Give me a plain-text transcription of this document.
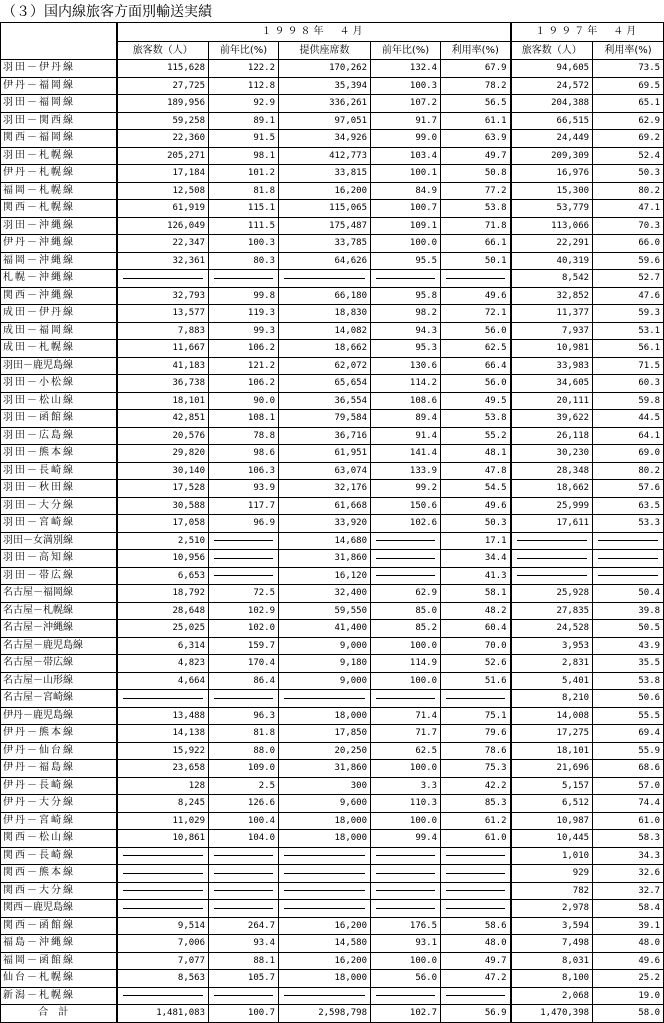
（３）国内線旅客方面別輸送実績
	１９９８年　４月					１９９７年　４月	
	旅客数（人）	前年比(%)	提供座席数	前年比(%)	利用率(%)	旅客数（人）	利用率(%)
羽田－伊丹線	115,628	122.2	170,262	132.4	67.9	94,605	73.5
伊丹－福岡線	27,725	112.8	35,394	100.3	78.2	24,572	69.5
羽田－福岡線	189,956	92.9	336,261	107.2	56.5	204,388	65.1
羽田－関西線	59,258	89.1	97,051	91.7	61.1	66,515	62.9
関西－福岡線	22,360	91.5	34,926	99.0	63.9	24,449	69.2
羽田－札幌線	205,271	98.1	412,773	103.4	49.7	209,309	52.4
伊丹－札幌線	17,184	101.2	33,815	100.1	50.8	16,976	50.3
福岡－札幌線	12,508	81.8	16,200	84.9	77.2	15,300	80.2
関西－札幌線	61,919	115.1	115,065	100.7	53.8	53,779	47.1
羽田－沖縄線	126,049	111.5	175,487	109.1	71.8	113,066	70.3
伊丹－沖縄線	22,347	100.3	33,785	100.0	66.1	22,291	66.0
福岡－沖縄線	32,361	80.3	64,626	95.5	50.1	40,319	59.6
札幌－沖縄線						8,542	52.7
関西－沖縄線	32,793	99.8	66,180	95.8	49.6	32,852	47.6
成田－伊丹線	13,577	119.3	18,830	98.2	72.1	11,377	59.3
成田－福岡線	7,883	99.3	14,082	94.3	56.0	7,937	53.1
成田－札幌線	11,667	106.2	18,662	95.3	62.5	10,981	56.1
羽田－鹿児島線	41,183	121.2	62,072	130.6	66.4	33,983	71.5
羽田－小松線	36,738	106.2	65,654	114.2	56.0	34,605	60.3
羽田－松山線	18,101	90.0	36,554	108.6	49.5	20,111	59.8
羽田－函館線	42,851	108.1	79,584	89.4	53.8	39,622	44.5
羽田－広島線	20,576	78.8	36,716	91.4	55.2	26,118	64.1
羽田－熊本線	29,820	98.6	61,951	141.4	48.1	30,230	69.0
羽田－長崎線	30,140	106.3	63,074	133.9	47.8	28,348	80.2
羽田－秋田線	17,528	93.9	32,176	99.2	54.5	18,662	57.6
羽田－大分線	30,588	117.7	61,668	150.6	49.6	25,999	63.5
羽田－宮崎線	17,058	96.9	33,920	102.6	50.3	17,611	53.3
羽田－女満別線	2,510		14,680		17.1	

羽田－高知線	10,956		31,860		34.4	

羽田－帯広線	6,653		16,120		41.3	

名古屋－福岡線	18,792	72.5	32,400	62.9	58.1	25,928	50.4
名古屋－札幌線	28,648	102.9	59,550	85.0	48.2	27,835	39.8
名古屋－沖縄線	25,025	102.0	41,400	85.2	60.4	24,528	50.5
名古屋－鹿児島線	6,314	159.7	9,000	100.0	70.0	3,953	43.9
名古屋－帯広線	4,823	170.4	9,180	114.9	52.6	2,831	35.5
名古屋－山形線	4,664	86.4	9,000	100.0	51.6	5,401	53.8
名古屋－宮崎線						8,210	50.6
伊丹－鹿児島線	13,488	96.3	18,000	71.4	75.1	14,008	55.5
伊丹－熊本線	14,138	81.8	17,850	71.7	79.6	17,275	69.4
伊丹－仙台線	15,922	88.0	20,250	62.5	78.6	18,101	55.9
伊丹－福島線	23,658	109.0	31,860	100.0	75.3	21,696	68.6
伊丹－長崎線	128	2.5	300	3.3	42.2	5,157	57.0
伊丹－大分線	8,245	126.6	9,600	110.3	85.3	6,512	74.4
伊丹－宮崎線	11,029	100.4	18,000	100.0	61.2	10,987	61.0
関西－松山線	10,861	104.0	18,000	99.4	61.0	10,445	58.3
関西－長崎線						1,010	34.3
関西－熊本線						929	32.6
関西－大分線						782	32.7
関西－鹿児島線						2,978	58.4
関西－函館線	9,514	264.7	16,200	176.5	58.6	3,594	39.1
福島－沖縄線	7,006	93.4	14,580	93.1	48.0	7,498	48.0
福岡－函館線	7,077	88.1	16,200	100.0	49.7	8,031	49.6
仙台－札幌線	8,563	105.7	18,000	56.0	47.2	8,100	25.2
新潟－札幌線						2,068	19.0
合計	1,481,083	100.7	2,598,798	102.7	56.9	1,470,398	58.0
